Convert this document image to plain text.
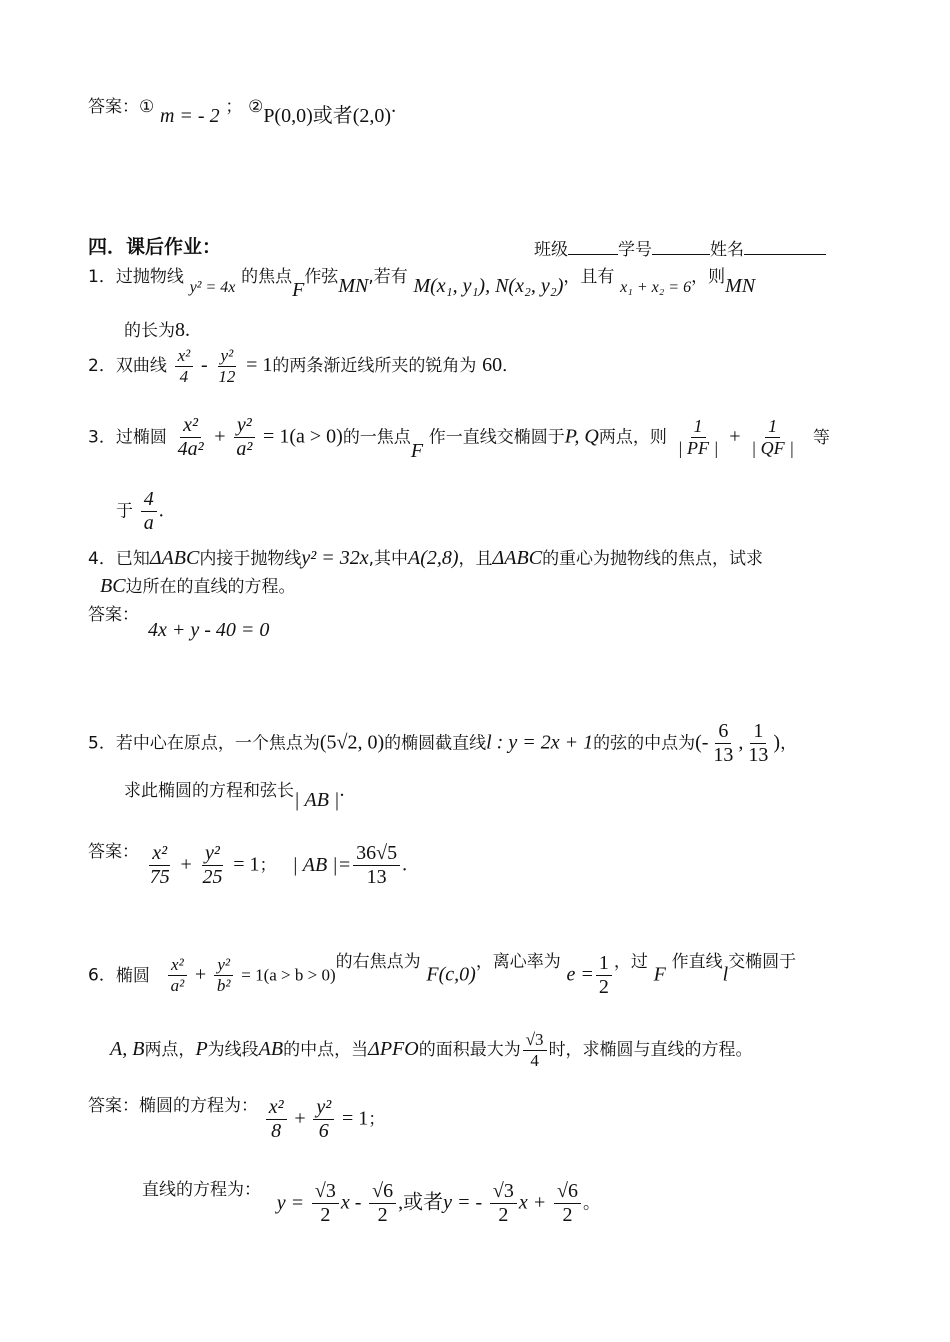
答案：① m = - 2 ； ②P(0,0)或者(2,0).
四．课后作业：	班级	学号	姓名
1．过抛物线 y² = 4x 的焦点F作弦MN,若有 M(x₁, y₁), N(x₂, y₂)，且有 x₁ + x₂ = 6，则MN
的长为8.
2．双曲线 $\frac{\text{x²}}{4} - \frac{\text{y²}}{12} = 1$的两条渐近线所夹的锐角为 60．
3．过椭圆 $\frac{\text{x²}}{\text{4a²}} + \frac{\text{y²}}{\text{a²}} = 1(a > 0)$的一焦点F 作一直线交椭圆于P, Q两点，则 $\frac{1}{| PF |} + \frac{1}{| QF |}$ 等
于 $\frac{4}{a}$ .
4．已知ΔABC内接于抛物线y² = 32x,其中A(2,8)，且ΔABC的重心为抛物线的焦点，试求
BC边所在的直线的方程。
答案：
4x + y - 40 = 0
5．若中心在原点，一个焦点为(5√2, 0)的椭圆截直线l : y = 2x + 1的弦的中点为(- $\frac{6}{13}$ , $\frac{1}{13}$ )，
求此椭圆的方程和弦长| AB |.
答案： $\frac{\text{x²}}{75} + \frac{\text{y²}}{25} = 1$； | AB |= $\frac{36√5}{13}$ .
6．椭圆 $\frac{\text{x²}}{\text{a²}} + \frac{\text{y²}}{\text{b²}} = 1(a > b > 0)$的右焦点为 F(c,0)，离心率为 $e = \frac{1}{2}$ ，过 F 作直线l交椭圆于
A, B两点，P为线段AB的中点，当ΔPFO的面积最大为 $\frac{√3}{4}$ 时，求椭圆与直线的方程。
答案：椭圆的方程为： $\frac{\text{x²}}{8} + \frac{\text{y²}}{6} = 1$；
直线的方程为： $y = \frac{√3}{2}$ x - $\frac{√6}{2}$ ,或者y = - $\frac{√3}{2}$ $x + \frac{√6}{2}$ 。
